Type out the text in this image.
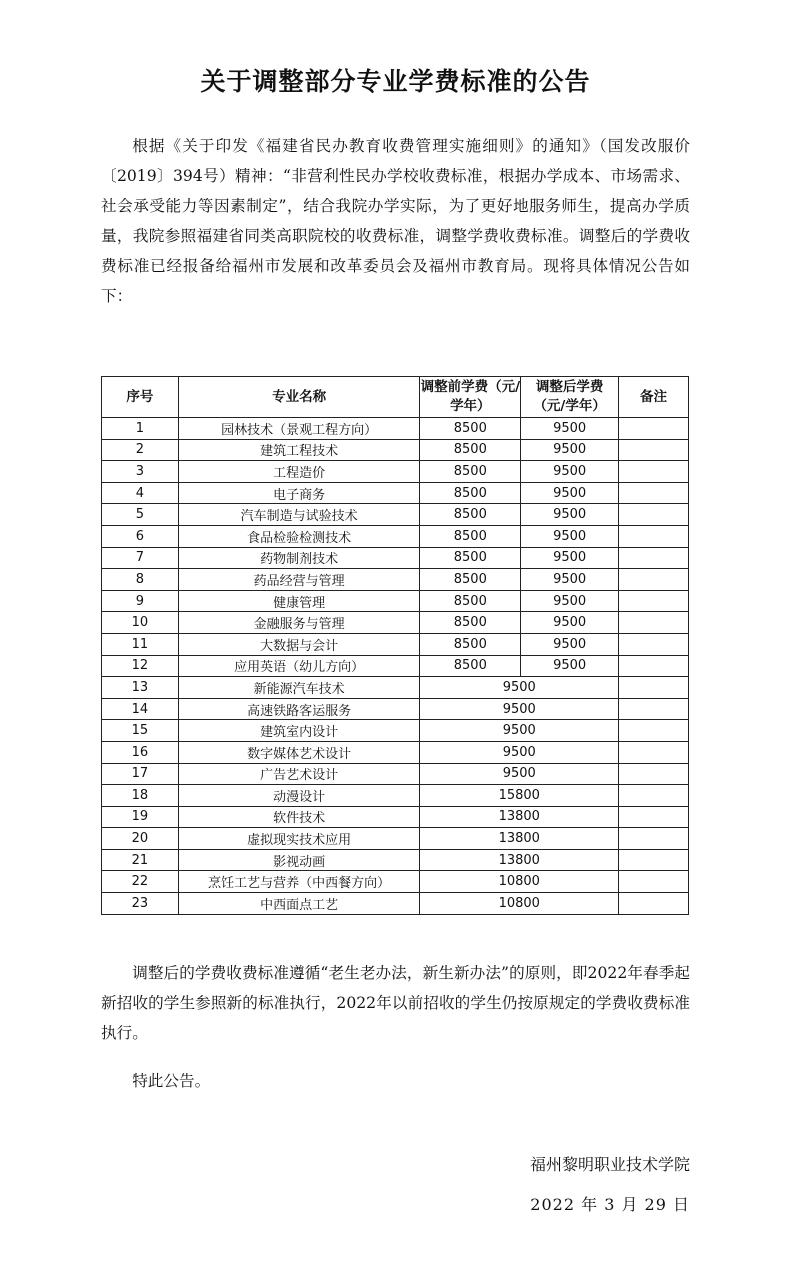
关于调整部分专业学费标准的公告

根据《关于印发《福建省民办教育收费管理实施细则》的通知》（国发改服价〔2019〕394号）精神：“非营利性民办学校收费标准，根据办学成本、市场需求、社会承受能力等因素制定”，结合我院办学实际，为了更好地服务师生，提高办学质量，我院参照福建省同类高职院校的收费标准，调整学费收费标准。调整后的学费收费标准已经报备给福州市发展和改革委员会及福州市教育局。现将具体情况公告如下：

序号	专业名称	调整前学费（元/学年）	调整后学费（元/学年）	备注
1	园林技术（景观工程方向）	8500	9500	
2	建筑工程技术	8500	9500	
3	工程造价	8500	9500	
4	电子商务	8500	9500	
5	汽车制造与试验技术	8500	9500	
6	食品检验检测技术	8500	9500	
7	药物制剂技术	8500	9500	
8	药品经营与管理	8500	9500	
9	健康管理	8500	9500	
10	金融服务与管理	8500	9500	
11	大数据与会计	8500	9500	
12	应用英语（幼儿方向）	8500	9500	
13	新能源汽车技术	9500		
14	高速铁路客运服务	9500		
15	建筑室内设计	9500		
16	数字媒体艺术设计	9500		
17	广告艺术设计	9500		
18	动漫设计	15800		
19	软件技术	13800		
20	虚拟现实技术应用	13800		
21	影视动画	13800		
22	烹饪工艺与营养（中西餐方向）	10800		
23	中西面点工艺	10800		

调整后的学费收费标准遵循“老生老办法，新生新办法”的原则，即2022年春季起新招收的学生参照新的标准执行，2022年以前招收的学生仍按原规定的学费收费标准执行。

特此公告。

福州黎明职业技术学院
2022 年 3 月 29 日
